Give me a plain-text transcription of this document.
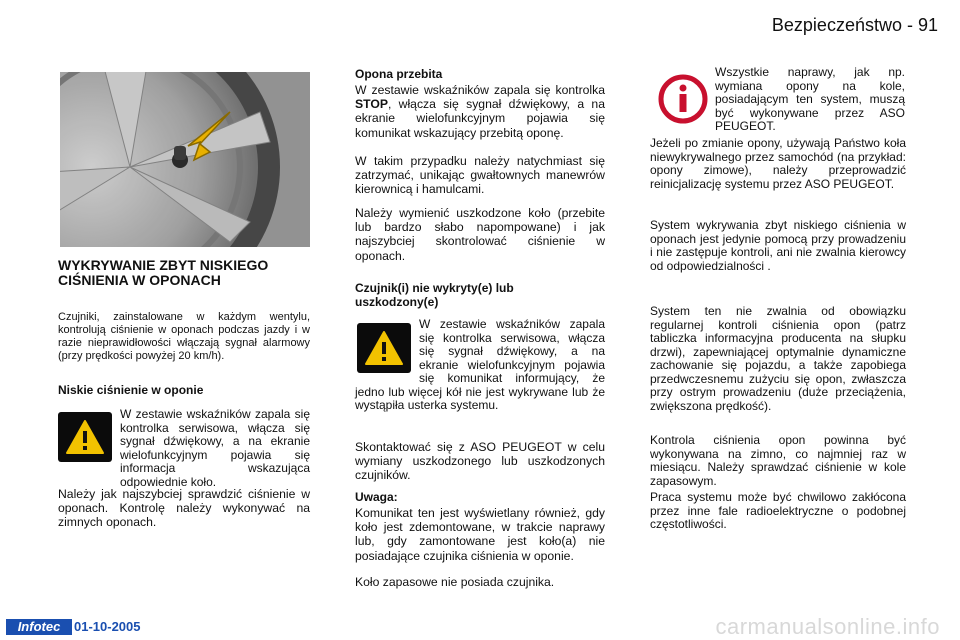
Bezpieczeństwo - 91
WYKRYWANIE ZBYT NISKIEGO CIŚNIENIA W OPONACH
Czujniki, zainstalowane w każdym wentylu, kontrolują ciśnienie w oponach podczas jazdy i w razie nieprawidłowości włączają sygnał alarmowy (przy prędkości powyżej 20 km/h).
Niskie ciśnienie w oponie
W zestawie wskaźników zapala się kontrolka serwisowa, włącza się sygnał dźwiękowy, a na ekranie wielofunkcyjnym pojawia się informacja wskazująca odpowiednie koło.
Należy jak najszybciej sprawdzić ciśnienie w oponach. Kontrolę należy wykonywać na zimnych oponach.
Opona przebita
W zestawie wskaźników zapala się kontrolka STOP, włącza się sygnał dźwiękowy, a na ekranie wielofunkcyjnym pojawia się komunikat wskazujący przebitą oponę.
W takim przypadku należy natychmiast się zatrzymać, unikając gwałtownych manewrów kierownicą i hamulcami.
Należy wymienić uszkodzone koło (przebite lub bardzo słabo napompowane) i jak najszybciej skontrolować ciśnienie w oponach.
Czujnik(i) nie wykryty(e) lub uszkodzony(e)
W zestawie wskaźników zapala się kontrolka serwisowa, włącza się sygnał dźwiękowy, a na ekranie wielofunkcyjnym pojawia się komunikat informujący, że jedno lub więcej kół nie jest wykrywane lub że wystąpiła usterka systemu.
Skontaktować się z ASO PEUGEOT w celu wymiany uszkodzonego lub uszkodzonych czujników.
Uwaga:
Komunikat ten jest wyświetlany również, gdy koło jest zdemontowane, w trakcie naprawy lub, gdy zamontowane jest koło(a) nie posiadające czujnika ciśnienia w oponie.
Koło zapasowe nie posiada czujnika.
Wszystkie naprawy, jak np. wymiana opony na kole, posiadającym ten system, muszą być wykonywane przez ASO PEUGEOT.
Jeżeli po zmianie opony, używają Państwo koła niewykrywalnego przez samochód (na przykład: opony zimowe), należy przeprowadzić reinicjalizację systemu przez ASO PEUGEOT.
System wykrywania zbyt niskiego ciśnienia w oponach jest jedynie pomocą przy prowadzeniu i nie zastępuje kontroli, ani nie zwalnia kierowcy od odpowiedzialności .
System ten nie zwalnia od obowiązku regularnej kontroli ciśnienia opon (patrz tabliczka informacyjna producenta na słupku drzwi), zapewniającej optymalnie dynamiczne zachowanie się pojazdu, a także zapobiega przedwczesnemu zużyciu się opon, zwłaszcza przy ostrym prowadzeniu (duże przeciążenia, zwiększona prędkość).
Kontrola ciśnienia opon powinna być wykonywana na zimno, co najmniej raz w miesiącu. Należy sprawdzać ciśnienie w kole zapasowym.
Praca systemu może być chwilowo zakłócona przez inne fale radioelektryczne o podobnej częstotliwości.
Infotec	01-10-2005	carmanualsonline.info
